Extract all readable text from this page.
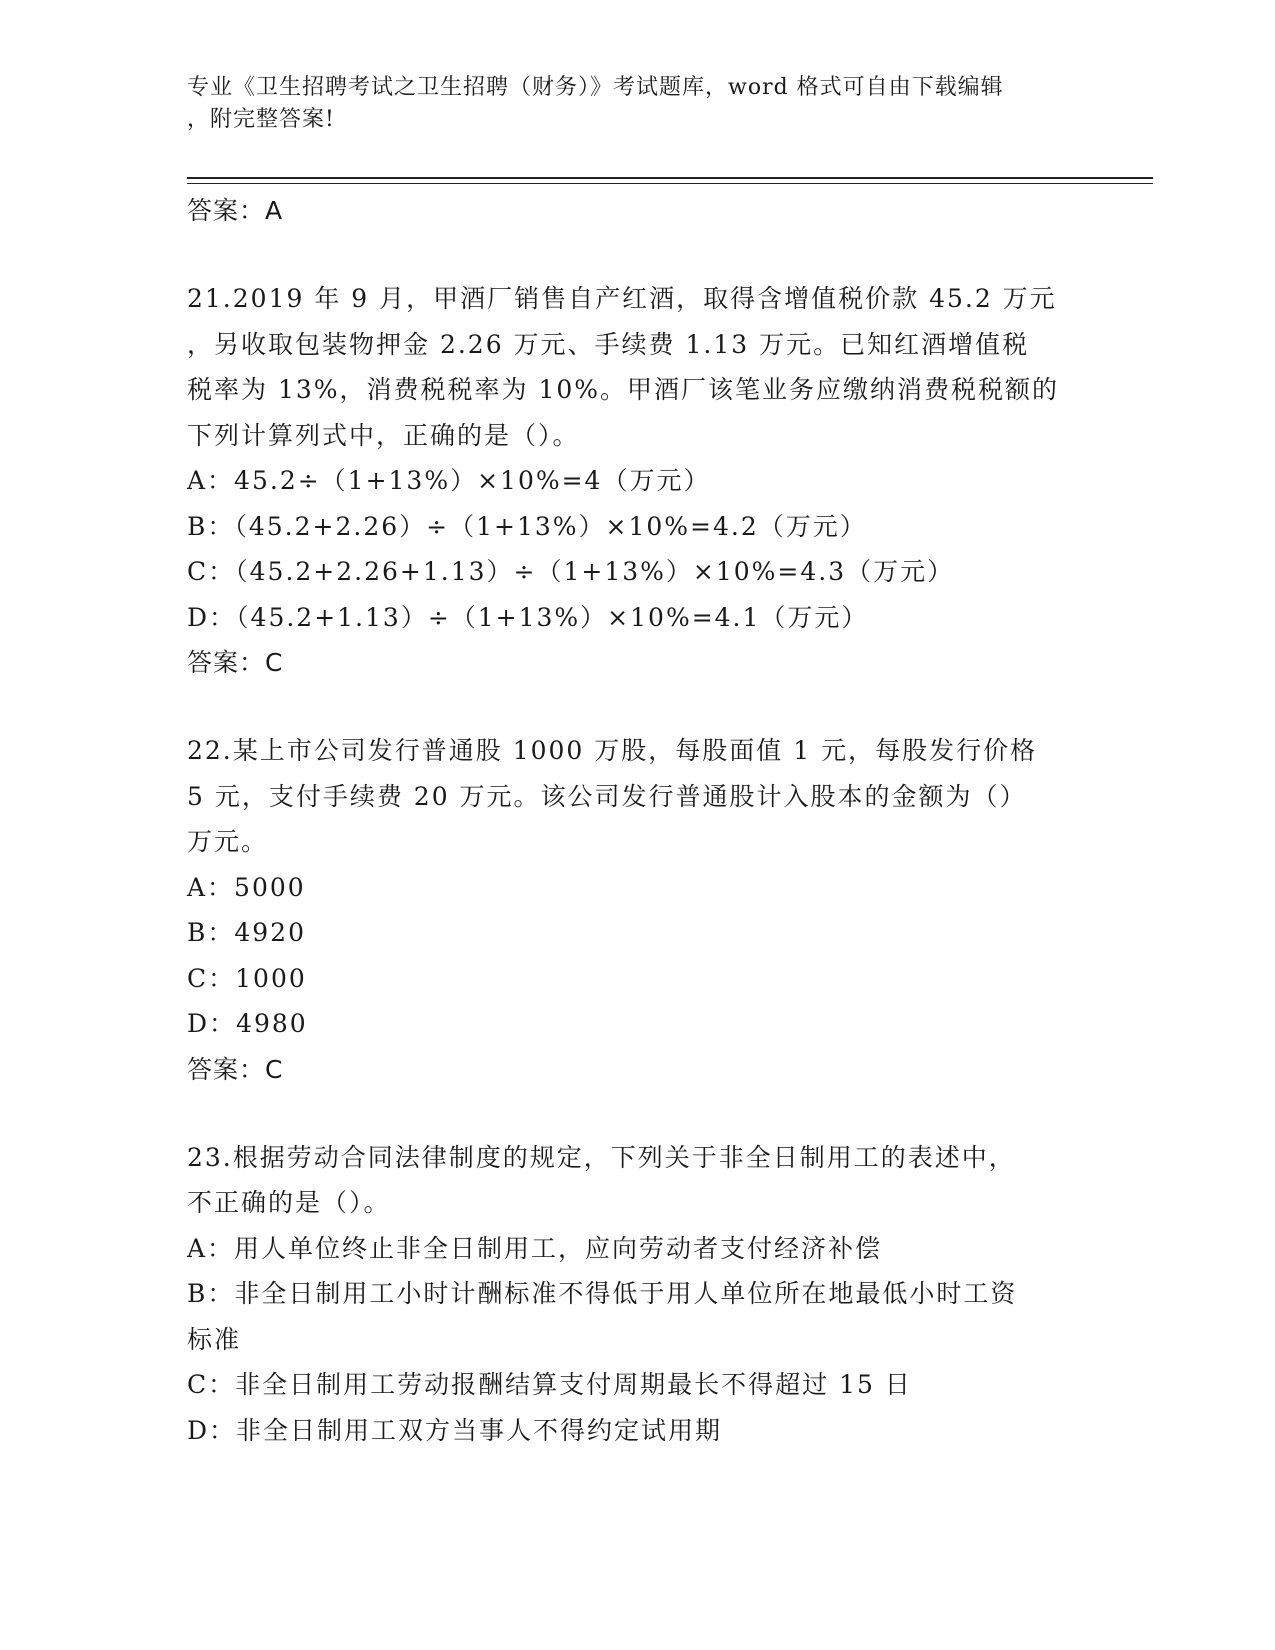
专业《卫生招聘考试之卫生招聘（财务）》考试题库，word 格式可自由下载编辑
，附完整答案!
答案：A
21.2019 年 9 月，甲酒厂销售自产红酒，取得含增值税价款 45.2 万元
，另收取包装物押金 2.26 万元、手续费 1.13 万元。已知红酒增值税
税率为 13%，消费税税率为 10%。甲酒厂该笔业务应缴纳消费税税额的
下列计算列式中，正确的是（）。
A：45.2÷（1+13%）×10%=4（万元）
B：（45.2+2.26）÷（1+13%）×10%=4.2（万元）
C：（45.2+2.26+1.13）÷（1+13%）×10%=4.3（万元）
D：（45.2+1.13）÷（1+13%）×10%=4.1（万元）
答案：C
22.某上市公司发行普通股 1000 万股，每股面值 1 元，每股发行价格
5 元，支付手续费 20 万元。该公司发行普通股计入股本的金额为（）
万元。
A：5000
B：4920
C：1000
D：4980
答案：C
23.根据劳动合同法律制度的规定，下列关于非全日制用工的表述中，
不正确的是（）。
A：用人单位终止非全日制用工，应向劳动者支付经济补偿
B：非全日制用工小时计酬标准不得低于用人单位所在地最低小时工资
标准
C：非全日制用工劳动报酬结算支付周期最长不得超过 15 日
D：非全日制用工双方当事人不得约定试用期
